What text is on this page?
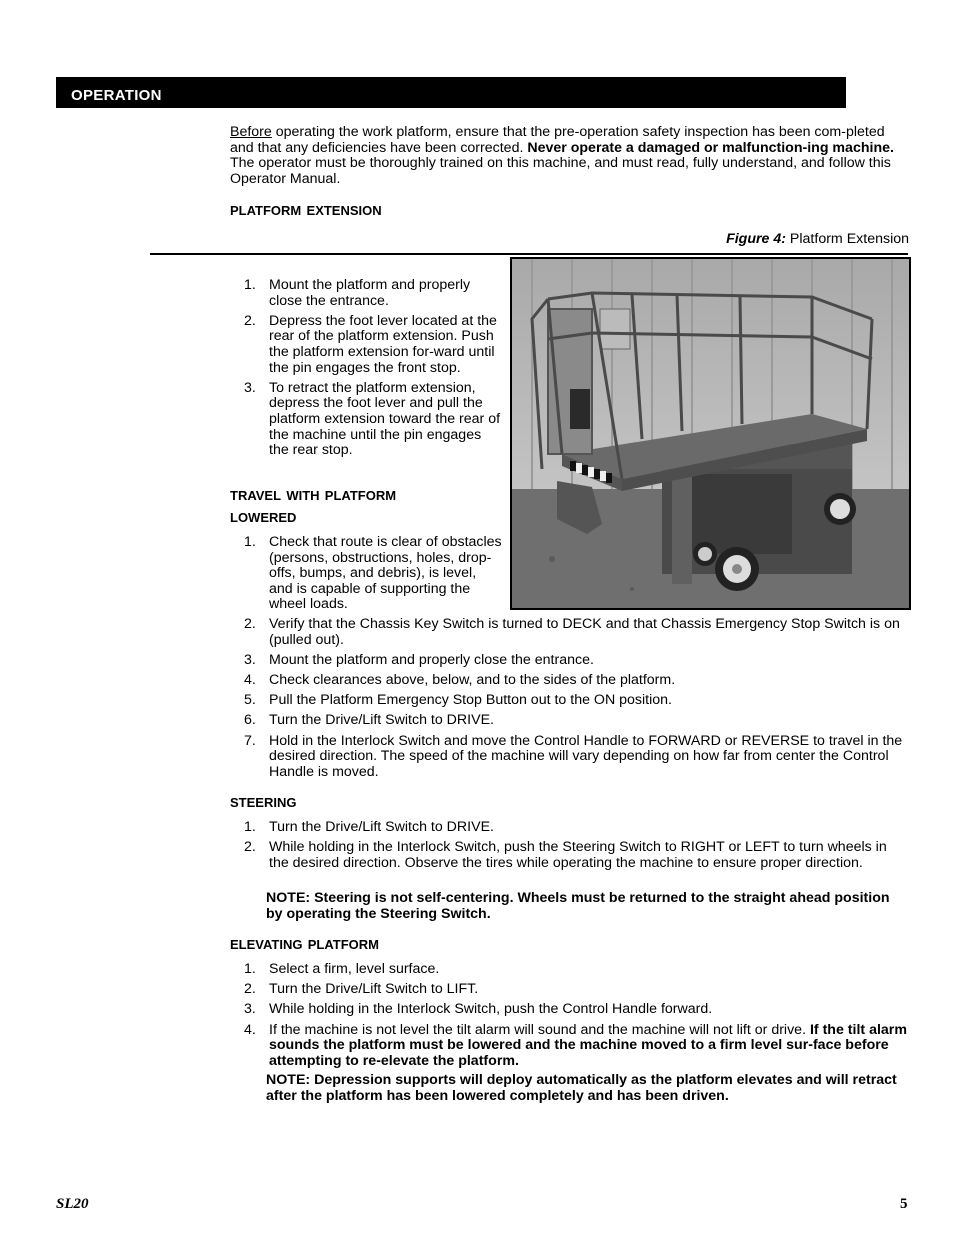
operation

Before operating the work platform, ensure that the pre-operation safety inspection has been com-pleted and that any deficiencies have been corrected. Never operate a damaged or malfunction-ing machine. The operator must be thoroughly trained on this machine, and must read, fully understand, and follow this Operator Manual.

platform extension
Figure 4: Platform Extension
1. Mount the platform and properly close the entrance.
2. Depress the foot lever located at the rear of the platform extension. Push the platform extension for-ward until the pin engages the front stop.
3. To retract the platform extension, depress the foot lever and pull the platform extension toward the rear of the machine until the pin engages the rear stop.
travel with platform
lowered
1. Check that route is clear of obstacles (persons, obstructions, holes, drop-offs, bumps, and debris), is level, and is capable of supporting the wheel loads.
2. Verify that the Chassis Key Switch is turned to DECK and that Chassis Emergency Stop Switch is on (pulled out).
3. Mount the platform and properly close the entrance.
4. Check clearances above, below, and to the sides of the platform.
5. Pull the Platform Emergency Stop Button out to the ON position.
6. Turn the Drive/Lift Switch to DRIVE.
7. Hold in the Interlock Switch and move the Control Handle to FORWARD or REVERSE to travel in the desired direction. The speed of the machine will vary depending on how far from center the Control Handle is moved.
steering
1. Turn the Drive/Lift Switch to DRIVE.
2. While holding in the Interlock Switch, push the Steering Switch to RIGHT or LEFT to turn wheels in the desired direction. Observe the tires while operating the machine to ensure proper direction.
NOTE: Steering is not self-centering. Wheels must be returned to the straight ahead position by operating the Steering Switch.
elevating platform
1. Select a firm, level surface.
2. Turn the Drive/Lift Switch to LIFT.
3. While holding in the Interlock Switch, push the Control Handle forward.
4. If the machine is not level the tilt alarm will sound and the machine will not lift or drive. If the tilt alarm sounds the platform must be lowered and the machine moved to a firm level sur-face before attempting to re-elevate the platform.
NOTE: Depression supports will deploy automatically as the platform elevates and will retract after the platform has been lowered completely and has been driven.
SL20	5
